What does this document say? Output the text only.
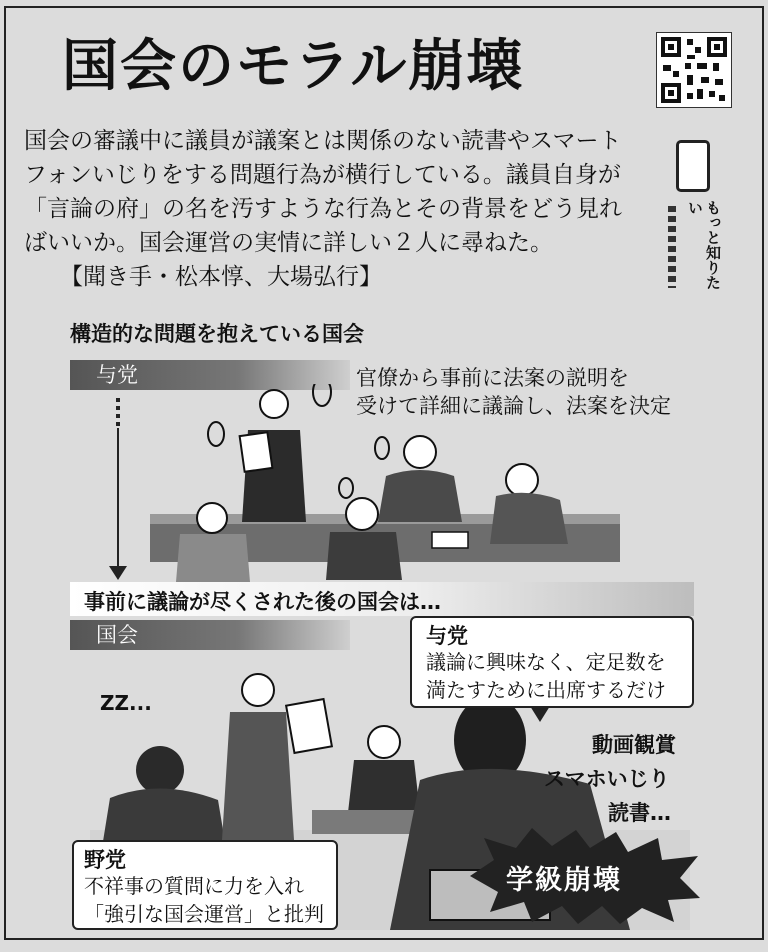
国会のモラル崩壊
国会の審議中に議員が議案とは関係のない読書やスマートフォンいじりをする問題行為が横行している。議員自身が「言論の府」の名を汚すような行為とその背景をどう見ればいいか。国会運営の実情に詳しい２人に尋ねた。 【聞き手・松本惇、大場弘行】	もっと知りたい
構造的な問題を抱えている国会
与党	官僚から事前に法案の説明を
受けて詳細に議論し、法案を決定
事前に議論が尽くされた後の国会は…
国会
ZZ...
与党
議論に興味なく、定足数を
満たすために出席するだけ
動画観賞
スマホいじり
読書…
野党
不祥事の質問に力を入れ
「強引な国会運営」と批判
学級崩壊
